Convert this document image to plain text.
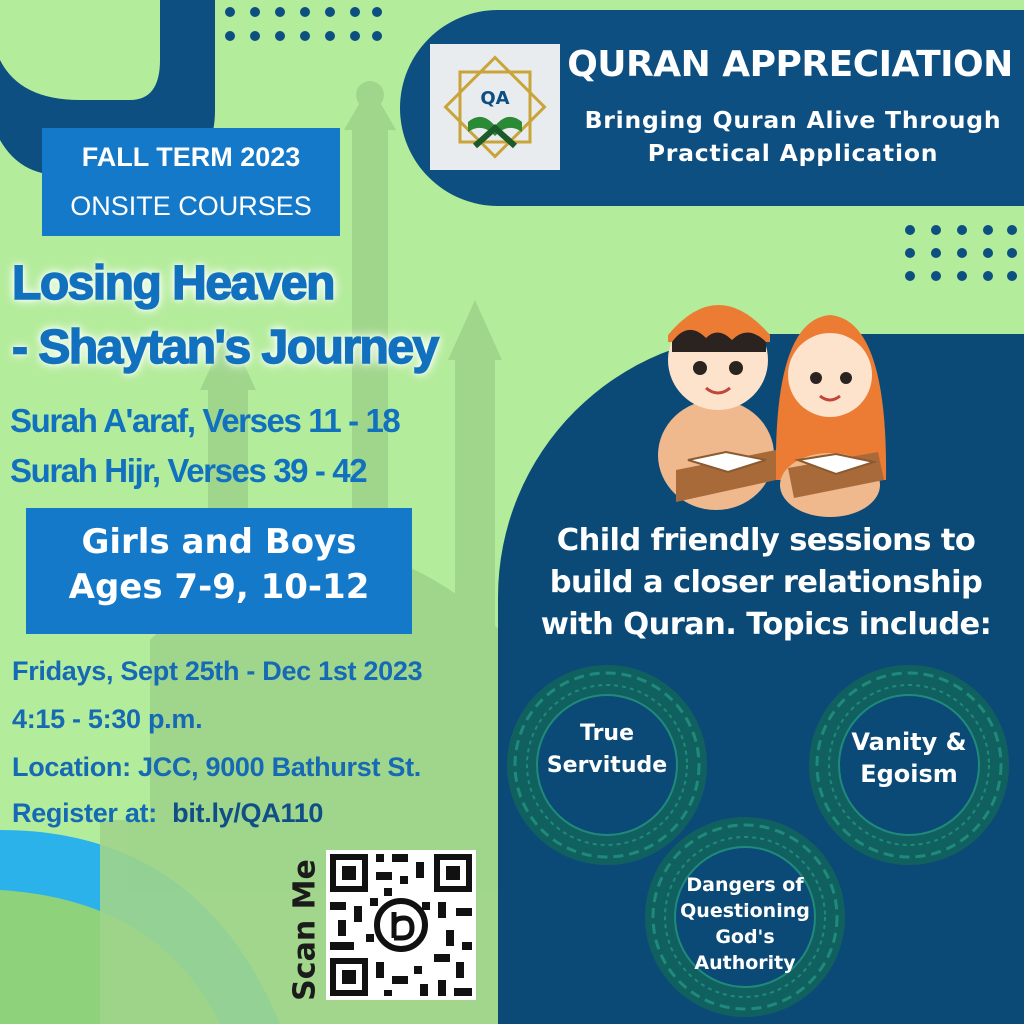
QA
QURAN APPRECIATION
Bringing Quran Alive Through
Practical Application
FALL TERM 2023
ONSITE COURSES
Losing Heaven
- Shaytan's Journey
Surah A'araf, Verses 11 - 18
Surah Hijr, Verses 39 - 42
Girls and Boys
Ages 7-9, 10-12
Fridays, Sept 25th - Dec 1st 2023
4:15 - 5:30 p.m.
Location: JCC, 9000 Bathurst St.
Register at: bit.ly/QA110
Child friendly sessions to
build a closer relationship
with Quran. Topics include:
True
Servitude
Vanity &
Egoism
Dangers of
Questioning
God's
Authority
Scan Me
